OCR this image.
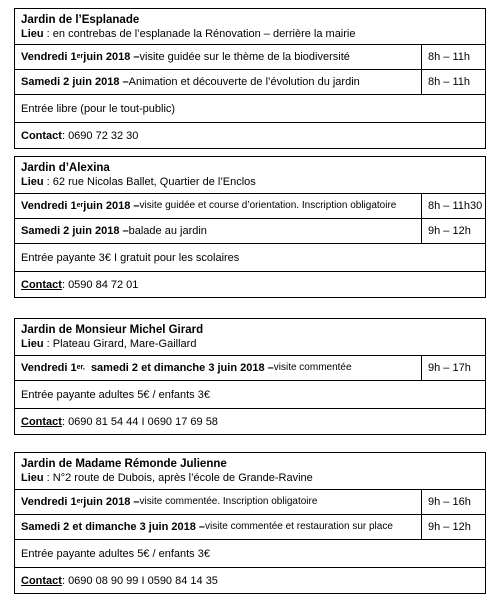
Jardin de l’Esplanade
Lieu : en contrebas de l’esplanade la Rénovation – derrière la mairie
Vendredi 1 er juin 2018 – visite guidée sur le thème de la biodiversité	8h – 11h
Samedi 2 juin 2018 – Animation et découverte de l’évolution du jardin	8h – 11h
Entrée libre (pour le tout-public)
Contact : 0690 72 32 30
Jardin d’Alexina
Lieu : 62 rue Nicolas Ballet, Quartier de l’Enclos
Vendredi 1 er juin 2018 – visite guidée et course d’orientation. Inscription obligatoire	8h – 11h30
Samedi 2 juin 2018 – balade au jardin	9h – 12h
Entrée payante 3€ I gratuit pour les scolaires
Contact : 0590 84 72 01
Jardin de Monsieur Michel Girard
Lieu : Plateau Girard, Mare-Gaillard
Vendredi 1 er, samedi 2 et dimanche 3 juin 2018 – visite commentée	9h – 17h
Entrée payante adultes 5€ / enfants 3€
Contact : 0690 81 54 44 I 0690 17 69 58
Jardin de Madame Rémonde Julienne
Lieu : N°2 route de Dubois, après l’école de Grande-Ravine
Vendredi 1 er juin 2018 – visite commentée. Inscription obligatoire	9h – 16h
Samedi 2 et dimanche 3 juin 2018 – visite commentée et restauration sur place	9h – 12h
Entrée payante adultes 5€ / enfants 3€
Contact : 0690 08 90 99 I 0590 84 14 35
